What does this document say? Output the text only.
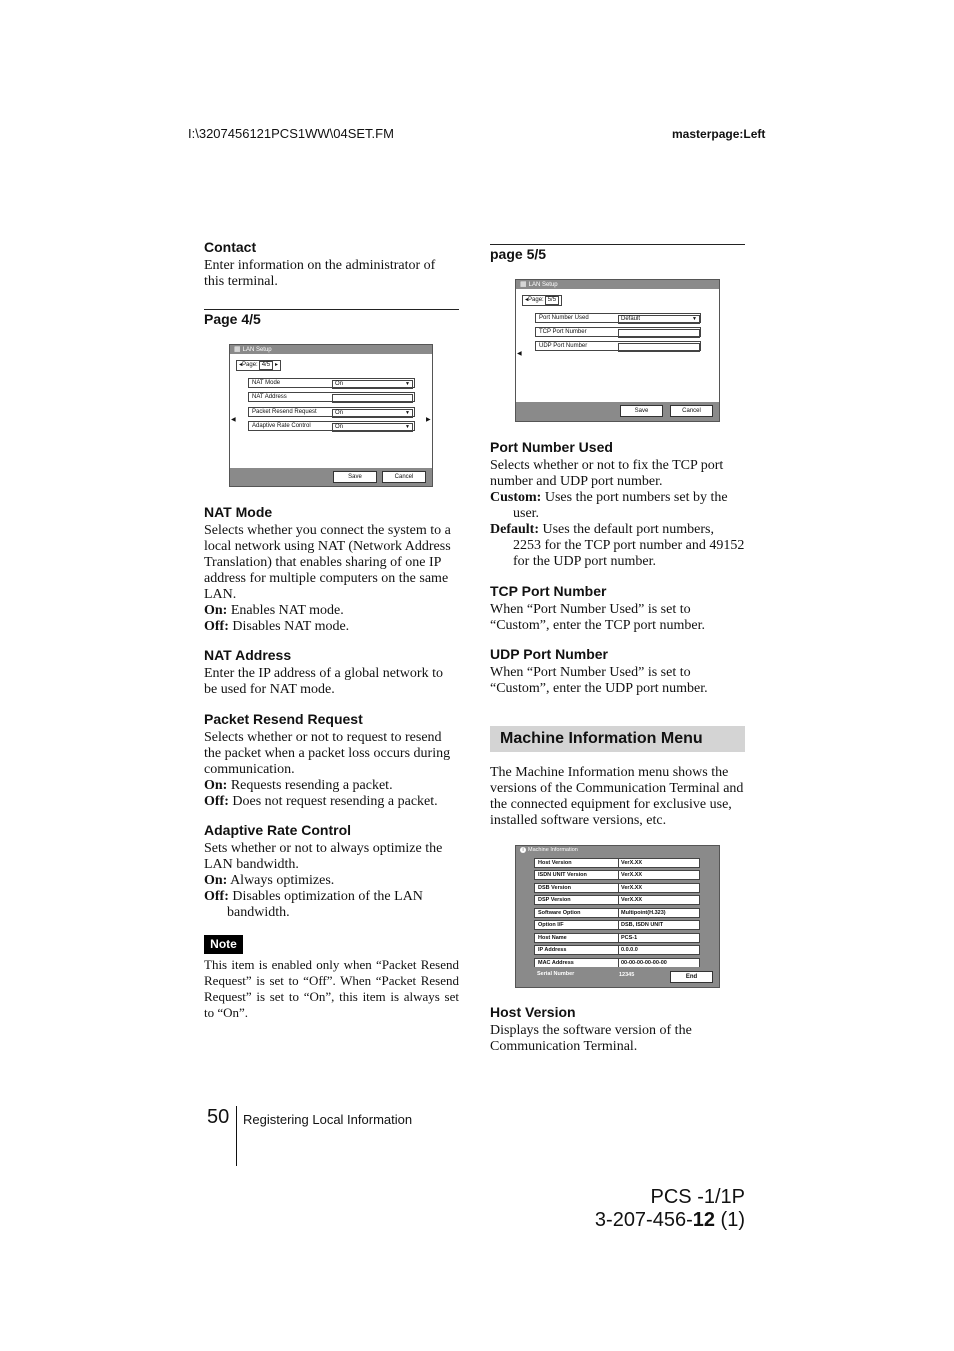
I:\3207456121PCS1WW\04SET.FM	masterpage:Left
Contact

Enter information on the administrator of this terminal.

Page 4/5
▦ LAN Setup
◂Page: 4/5 ▸
NAT Mode	On	▼
NAT Address
Packet Resend Request	On	▼
Adaptive Rate Control	On	▼
◀	▶
Save	Cancel
NAT Mode

Selects whether you connect the system to a local network using NAT (Network Address Translation) that enables sharing of one IP address for multiple computers on the same LAN.

On: Enables NAT mode.

Off: Disables NAT mode.

NAT Address

Enter the IP address of a global network to be used for NAT mode.

Packet Resend Request

Selects whether or not to request to resend the packet when a packet loss occurs during communication.

On: Requests resending a packet.

Off: Does not request resending a packet.

Adaptive Rate Control

Sets whether or not to always optimize the LAN bandwidth.

On: Always optimizes.

Off: Disables optimization of the LAN bandwidth.

Note

This item is enabled only when “Packet Resend Request” is set to “Off”. When “Packet Resend Request” is set to “On”, this item is always set to “On”.

page 5/5
▦ LAN Setup
◂Page: 5/5
Port Number Used	Default	▼
TCP Port Number
UDP Port Number
◀
Save	Cancel
Port Number Used

Selects whether or not to fix the TCP port number and UDP port number.

Custom: Uses the port numbers set by the user.

Default: Uses the default port numbers, 2253 for the TCP port number and 49152 for the UDP port number.

TCP Port Number

When “Port Number Used” is set to “Custom”, enter the TCP port number.

UDP Port Number

When “Port Number Used” is set to “Custom”, enter the UDP port number.

Machine Information Menu

The Machine Information menu shows the versions of the Communication Terminal and the connected equipment for exclusive use, installed software versions, etc.

i Machine Information
Host Version	VerX.XX
ISDN UNIT Version	VerX.XX
DSB Version	VerX.XX
DSP Version	VerX.XX
Software Option	Multipoint(H.323)
Option I/F	DSB, ISDN UNIT
Host Name	PCS-1
IP Address	0.0.0.0
MAC Address	00-00-00-00-00-00
Serial Number	12345	End
Host Version

Displays the software version of the Communication Terminal.

50 Registering Local Information
PCS -1/1P
3-207-456-12 (1)
